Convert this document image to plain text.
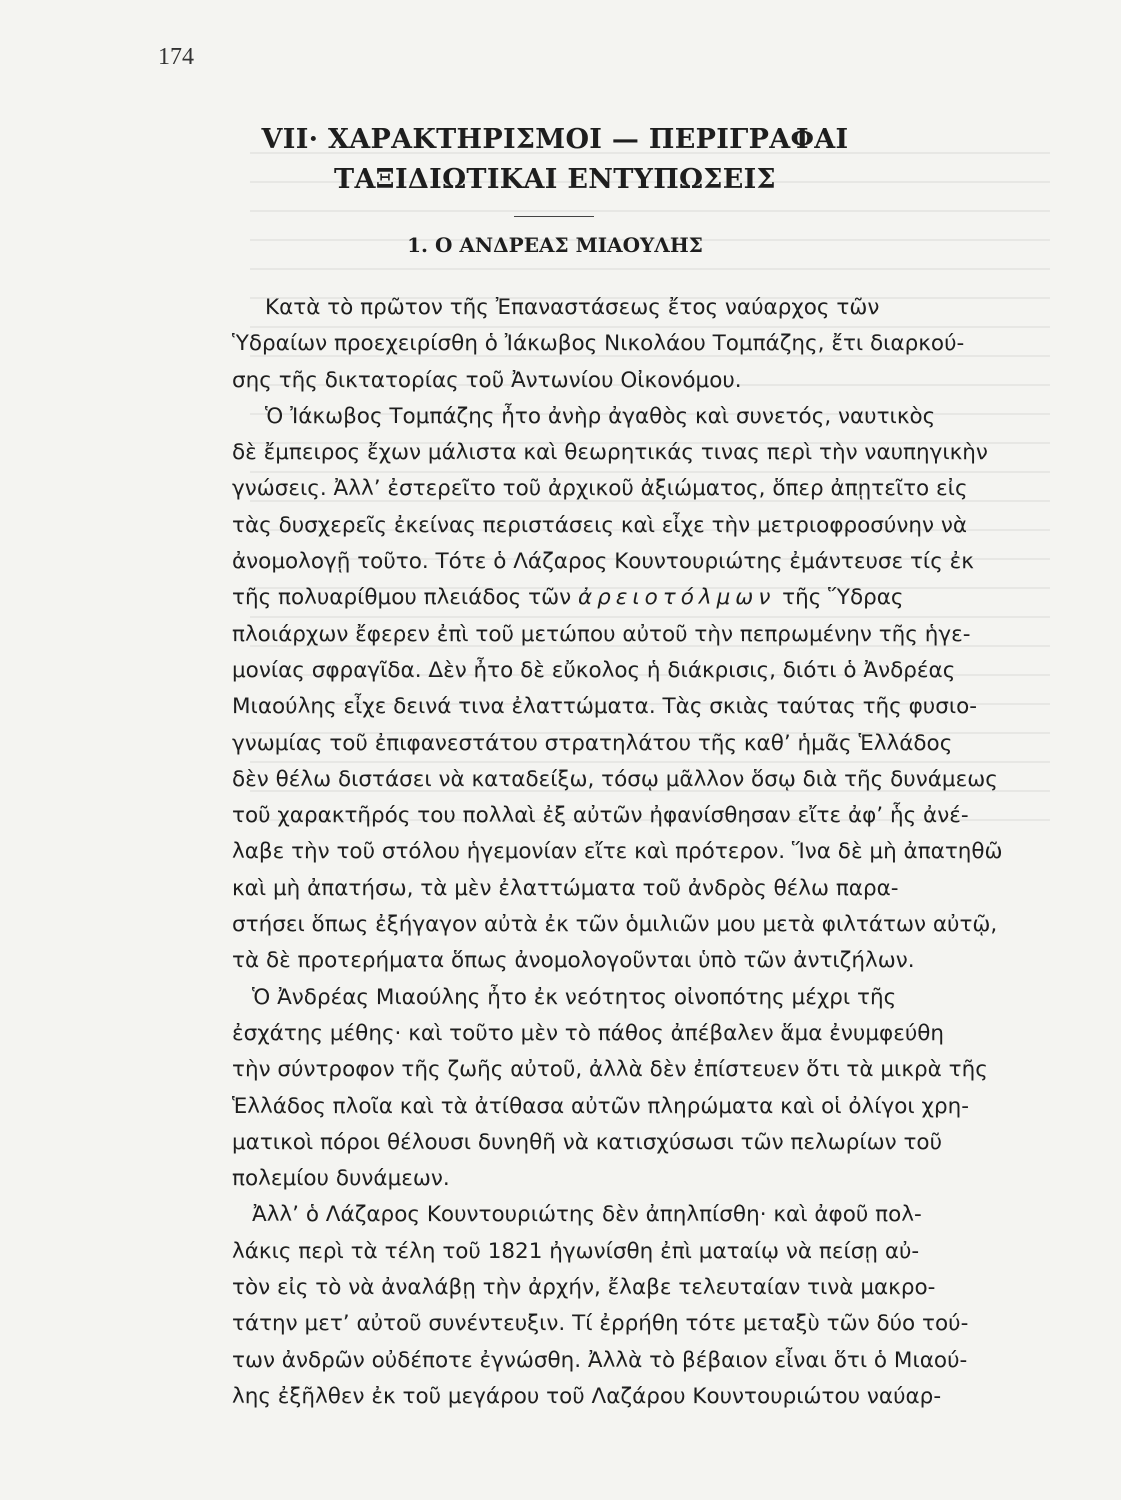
174
VII· ΧΑΡΑΚΤΗΡΙΣΜΟΙ — ΠΕΡΙΓΡΑΦΑΙ
ΤΑΞΙΔΙΩΤΙΚΑΙ ΕΝΤΥΠΩΣΕΙΣ
1. Ο ΑΝΔΡΕΑΣ ΜΙΑΟΥΛΗΣ
Κατὰ τὸ πρῶτον τῆς Ἐπαναστάσεως ἔτος ναύαρχος τῶν
Ὑδραίων προεχειρίσθη ὁ Ἰάκωβος Νικολάου Τομπάζης, ἔτι διαρκού-
σης τῆς δικτατορίας τοῦ Ἀντωνίου Οἰκονόμου.
Ὁ Ἰάκωβος Τομπάζης ἦτο ἀνὴρ ἀγαθὸς καὶ συνετός, ναυτικὸς
δὲ ἔμπειρος ἔχων μάλιστα καὶ θεωρητικάς τινας περὶ τὴν ναυπηγικὴν
γνώσεις. Ἀλλ’ ἐστερεῖτο τοῦ ἀρχικοῦ ἀξιώματος, ὅπερ ἀπῃτεῖτο εἰς
τὰς δυσχερεῖς ἐκείνας περιστάσεις καὶ εἶχε τὴν μετριοφροσύνην νὰ
ἀνομολογῇ τοῦτο. Τότε ὁ Λάζαρος Κουντουριώτης ἐμάντευσε τίς ἐκ
τῆς πολυαρίθμου πλειάδος τῶν ἀρειοτόλμων τῆς Ὕδρας
πλοιάρχων ἔφερεν ἐπὶ τοῦ μετώπου αὐτοῦ τὴν πεπρωμένην τῆς ἡγε-
μονίας σφραγῖδα. Δὲν ἦτο δὲ εὔκολος ἡ διάκρισις, διότι ὁ Ἀνδρέας
Μιαούλης εἶχε δεινά τινα ἐλαττώματα. Τὰς σκιὰς ταύτας τῆς φυσιο-
γνωμίας τοῦ ἐπιφανεστάτου στρατηλάτου τῆς καθ’ ἡμᾶς Ἑλλάδος
δὲν θέλω διστάσει νὰ καταδείξω, τόσῳ μᾶλλον ὅσῳ διὰ τῆς δυνάμεως
τοῦ χαρακτῆρός του πολλαὶ ἐξ αὐτῶν ἠφανίσθησαν εἴτε ἀφ’ ἧς ἀνέ-
λαβε τὴν τοῦ στόλου ἡγεμονίαν εἴτε καὶ πρότερον. Ἵνα δὲ μὴ ἀπατηθῶ
καὶ μὴ ἀπατήσω, τὰ μὲν ἐλαττώματα τοῦ ἀνδρὸς θέλω παρα-
στήσει ὅπως ἐξήγαγον αὐτὰ ἐκ τῶν ὁμιλιῶν μου μετὰ φιλτάτων αὐτῷ,
τὰ δὲ προτερήματα ὅπως ἀνομολογοῦνται ὑπὸ τῶν ἀντιζήλων.
Ὁ Ἀνδρέας Μιαούλης ἦτο ἐκ νεότητος οἰνοπότης μέχρι τῆς
ἐσχάτης μέθης· καὶ τοῦτο μὲν τὸ πάθος ἀπέβαλεν ἅμα ἐνυμφεύθη
τὴν σύντροφον τῆς ζωῆς αὐτοῦ, ἀλλὰ δὲν ἐπίστευεν ὅτι τὰ μικρὰ τῆς
Ἑλλάδος πλοῖα καὶ τὰ ἀτίθασα αὐτῶν πληρώματα καὶ οἱ ὀλίγοι χρη-
ματικοὶ πόροι θέλουσι δυνηθῆ νὰ κατισχύσωσι τῶν πελωρίων τοῦ
πολεμίου δυνάμεων.
Ἀλλ’ ὁ Λάζαρος Κουντουριώτης δὲν ἀπηλπίσθη· καὶ ἀφοῦ πολ-
λάκις περὶ τὰ τέλη τοῦ 1821 ἠγωνίσθη ἐπὶ ματαίῳ νὰ πείσῃ αὐ-
τὸν εἰς τὸ νὰ ἀναλάβῃ τὴν ἀρχήν, ἔλαβε τελευταίαν τινὰ μακρο-
τάτην μετ’ αὐτοῦ συνέντευξιν. Τί ἐρρήθη τότε μεταξὺ τῶν δύο τού-
των ἀνδρῶν οὐδέποτε ἐγνώσθη. Ἀλλὰ τὸ βέβαιον εἶναι ὅτι ὁ Μιαού-
λης ἐξῆλθεν ἐκ τοῦ μεγάρου τοῦ Λαζάρου Κουντουριώτου ναύαρ-
